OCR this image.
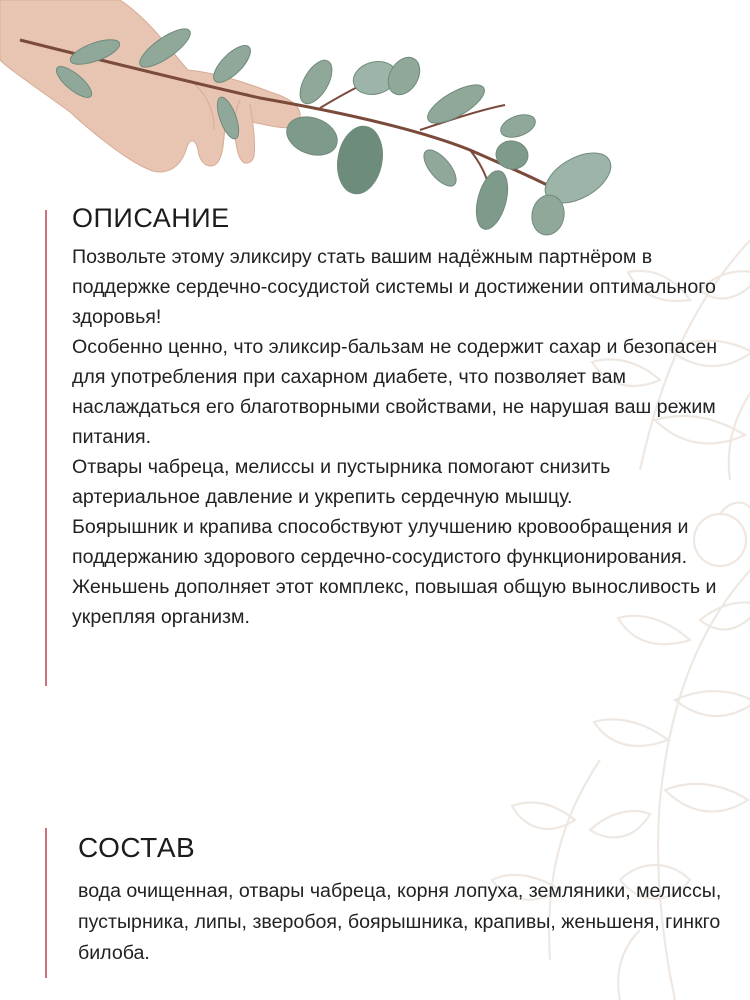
ОПИСАНИЕ

Позвольте этому эликсиру стать вашим надёжным партнёром в поддержке сердечно-сосудистой системы и достижении оптимального здоровья!

Особенно ценно, что эликсир-бальзам не содержит сахар и безопасен для употребления при сахарном диабете, что позволяет вам наслаждаться его благотворными свойствами, не нарушая ваш режим питания.

Отвары чабреца, мелиссы и пустырника помогают снизить артериальное давление и укрепить сердечную мышцу.

Боярышник и крапива способствуют улучшению кровообращения и поддержанию здорового сердечно-сосудистого функционирования.

Женьшень дополняет этот комплекс, повышая общую выносливость и укрепляя организм.

СОСТАВ

вода очищенная, отвары чабреца, корня лопуха, земляники, мелиссы, пустырника, липы, зверобоя, боярышника, крапивы, женьшеня, гинкго билоба.
